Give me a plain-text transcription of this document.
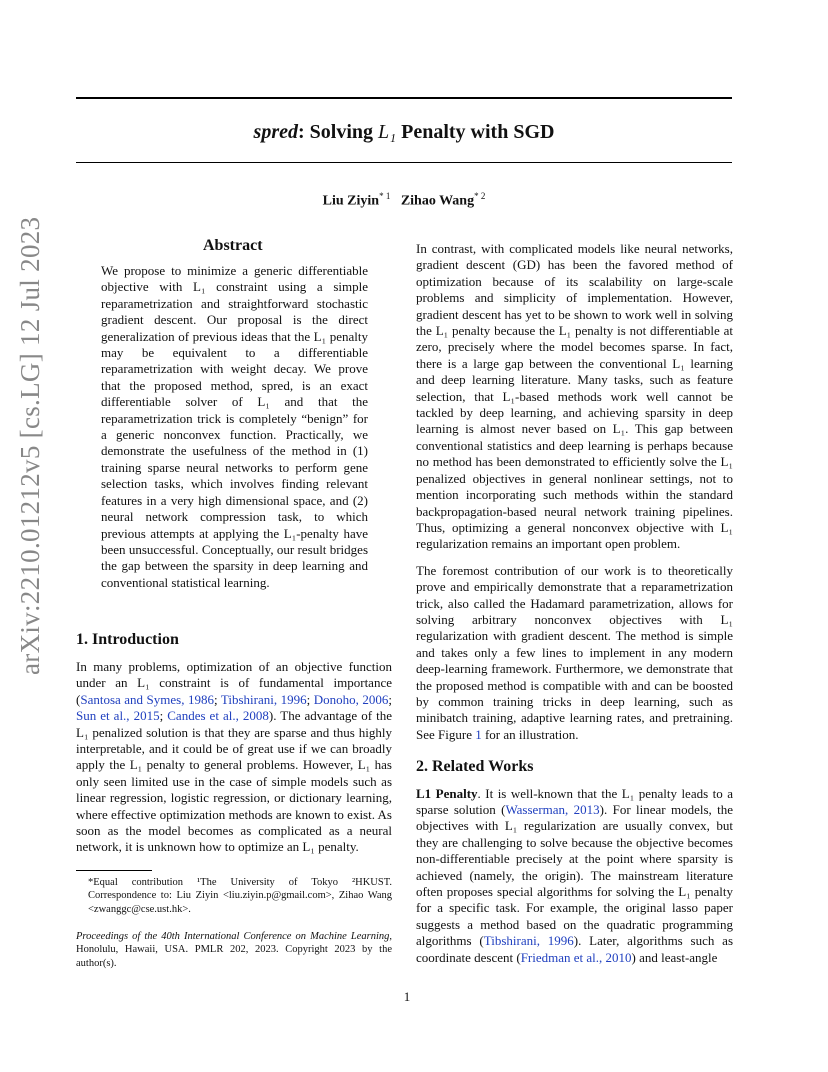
spred: Solving L₁ Penalty with SGD
Liu Ziyin$^{* 1}$ Zihao Wang$^{* 2}$
arXiv:2210.01212v5 [cs.LG] 12 Jul 2023	Abstract
We propose to minimize a generic differentiable objective with L₁ constraint using a simple reparametrization and straightforward stochastic gradient descent. Our proposal is the direct generalization of previous ideas that the L₁ penalty may be equivalent to a differentiable reparametrization with weight decay. We prove that the proposed method, spred, is an exact differentiable solver of L₁ and that the reparametrization trick is completely “benign” for a generic nonconvex function. Practically, we demonstrate the usefulness of the method in (1) training sparse neural networks to perform gene selection tasks, which involves finding relevant features in a very high dimensional space, and (2) neural network compression task, to which previous attempts at applying the L₁-penalty have been unsuccessful. Conceptually, our result bridges the gap between the sparsity in deep learning and conventional statistical learning.
1. Introduction
In many problems, optimization of an objective function under an L₁ constraint is of fundamental importance (Santosa and Symes, 1986; Tibshirani, 1996; Donoho, 2006; Sun et al., 2015; Candes et al., 2008). The advantage of the L₁ penalized solution is that they are sparse and thus highly interpretable, and it could be of great use if we can broadly apply the L₁ penalty to general problems. However, L₁ has only seen limited use in the case of simple models such as linear regression, logistic regression, or dictionary learning, where effective optimization methods are known to exist. As soon as the model becomes as complicated as a neural network, it is unknown how to optimize an L₁ penalty.
*Equal contribution ¹The University of Tokyo ²HKUST. Correspondence to: Liu Ziyin <liu.ziyin.p@gmail.com>, Zihao Wang <zwanggc@cse.ust.hk>.
Proceedings of the 40th International Conference on Machine Learning, Honolulu, Hawaii, USA. PMLR 202, 2023. Copyright 2023 by the author(s).

In contrast, with complicated models like neural networks, gradient descent (GD) has been the favored method of optimization because of its scalability on large-scale problems and simplicity of implementation. However, gradient descent has yet to be shown to work well in solving the L₁ penalty because the L₁ penalty is not differentiable at zero, precisely where the model becomes sparse. In fact, there is a large gap between the conventional L₁ learning and deep learning literature. Many tasks, such as feature selection, that L₁-based methods work well cannot be tackled by deep learning, and achieving sparsity in deep learning is almost never based on L₁. This gap between conventional statistics and deep learning is perhaps because no method has been demonstrated to efficiently solve the L₁ penalized objectives in general nonlinear settings, not to mention incorporating such methods within the standard backpropagation-based neural network training pipelines. Thus, optimizing a general nonconvex objective with L₁ regularization remains an important open problem.

The foremost contribution of our work is to theoretically prove and empirically demonstrate that a reparametrization trick, also called the Hadamard parametrization, allows for solving arbitrary nonconvex objectives with L₁ regularization with gradient descent. The method is simple and takes only a few lines to implement in any modern deep-learning framework. Furthermore, we demonstrate that the proposed method is compatible with and can be boosted by common training tricks in deep learning, such as minibatch training, adaptive learning rates, and pretraining. See Figure 1 for an illustration.

2. Related Works

L1 Penalty. It is well-known that the L₁ penalty leads to a sparse solution (Wasserman, 2013). For linear models, the objectives with L₁ regularization are usually convex, but they are challenging to solve because the objective becomes non-differentiable precisely at the point where sparsity is achieved (namely, the origin). The mainstream literature often proposes special algorithms for solving the L₁ penalty for a specific task. For example, the original lasso paper suggests a method based on the quadratic programming algorithms (Tibshirani, 1996). Later, algorithms such as coordinate descent (Friedman et al., 2010) and least-angle

1
